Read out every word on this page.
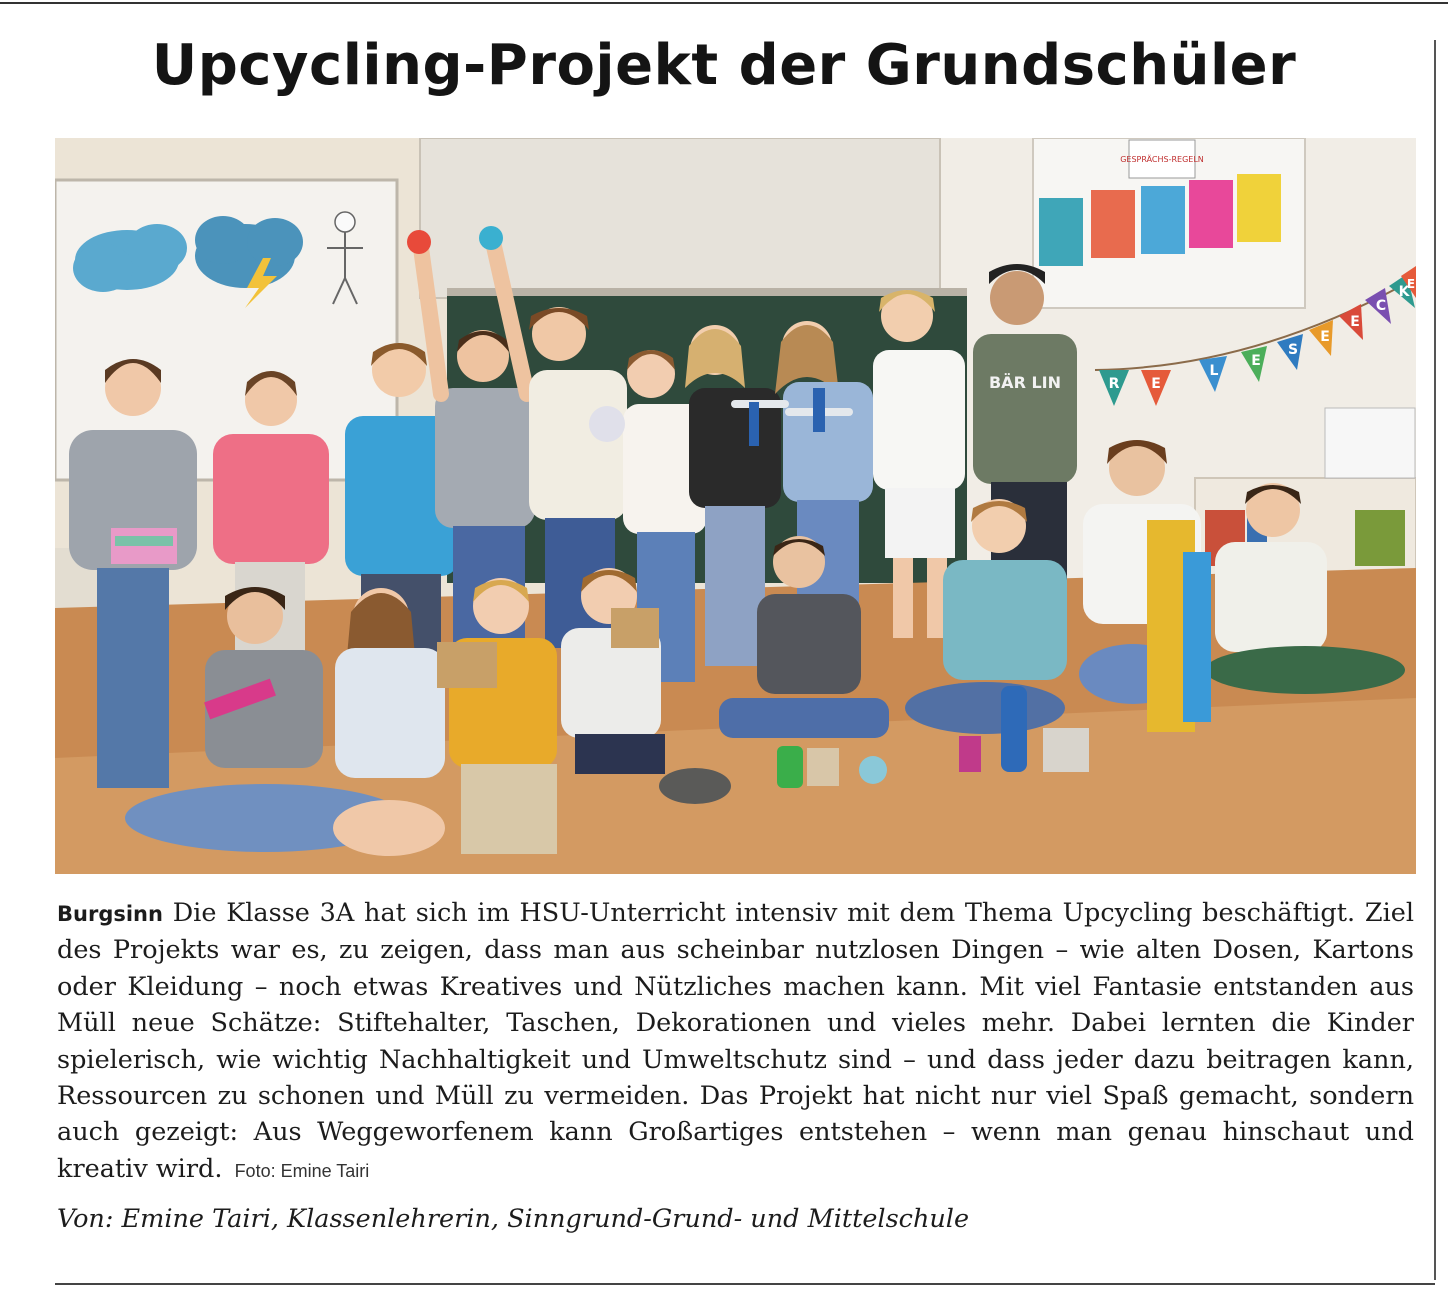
Upcycling-Projekt der Grundschüler
GESPRÄCHS-REGELN
R E
L
E
S
E
E
C
K
E
BÄR LIN

Burgsinn Die Klasse 3A hat sich im HSU-Unterricht intensiv mit dem Thema Upcycling beschäftigt. Ziel des Projekts war es, zu zeigen, dass man aus scheinbar nutzlosen Dingen – wie alten Dosen, Kartons oder Kleidung – noch etwas Kreatives und Nützliches machen kann. Mit viel Fantasie entstanden aus Müll neue Schätze: Stiftehalter, Taschen, Dekorationen und vieles mehr. Dabei lernten die Kinder spielerisch, wie wichtig Nachhaltigkeit und Umweltschutz sind – und dass jeder dazu beitragen kann, Ressourcen zu schonen und Müll zu vermeiden. Das Projekt hat nicht nur viel Spaß gemacht, sondern auch gezeigt: Aus Weggeworfenem kann Großartiges entstehen – wenn man genau hinschaut und kreativ wird. Foto: Emine Tairi

Von: Emine Tairi, Klassenlehrerin, Sinngrund-Grund- und Mittelschule
